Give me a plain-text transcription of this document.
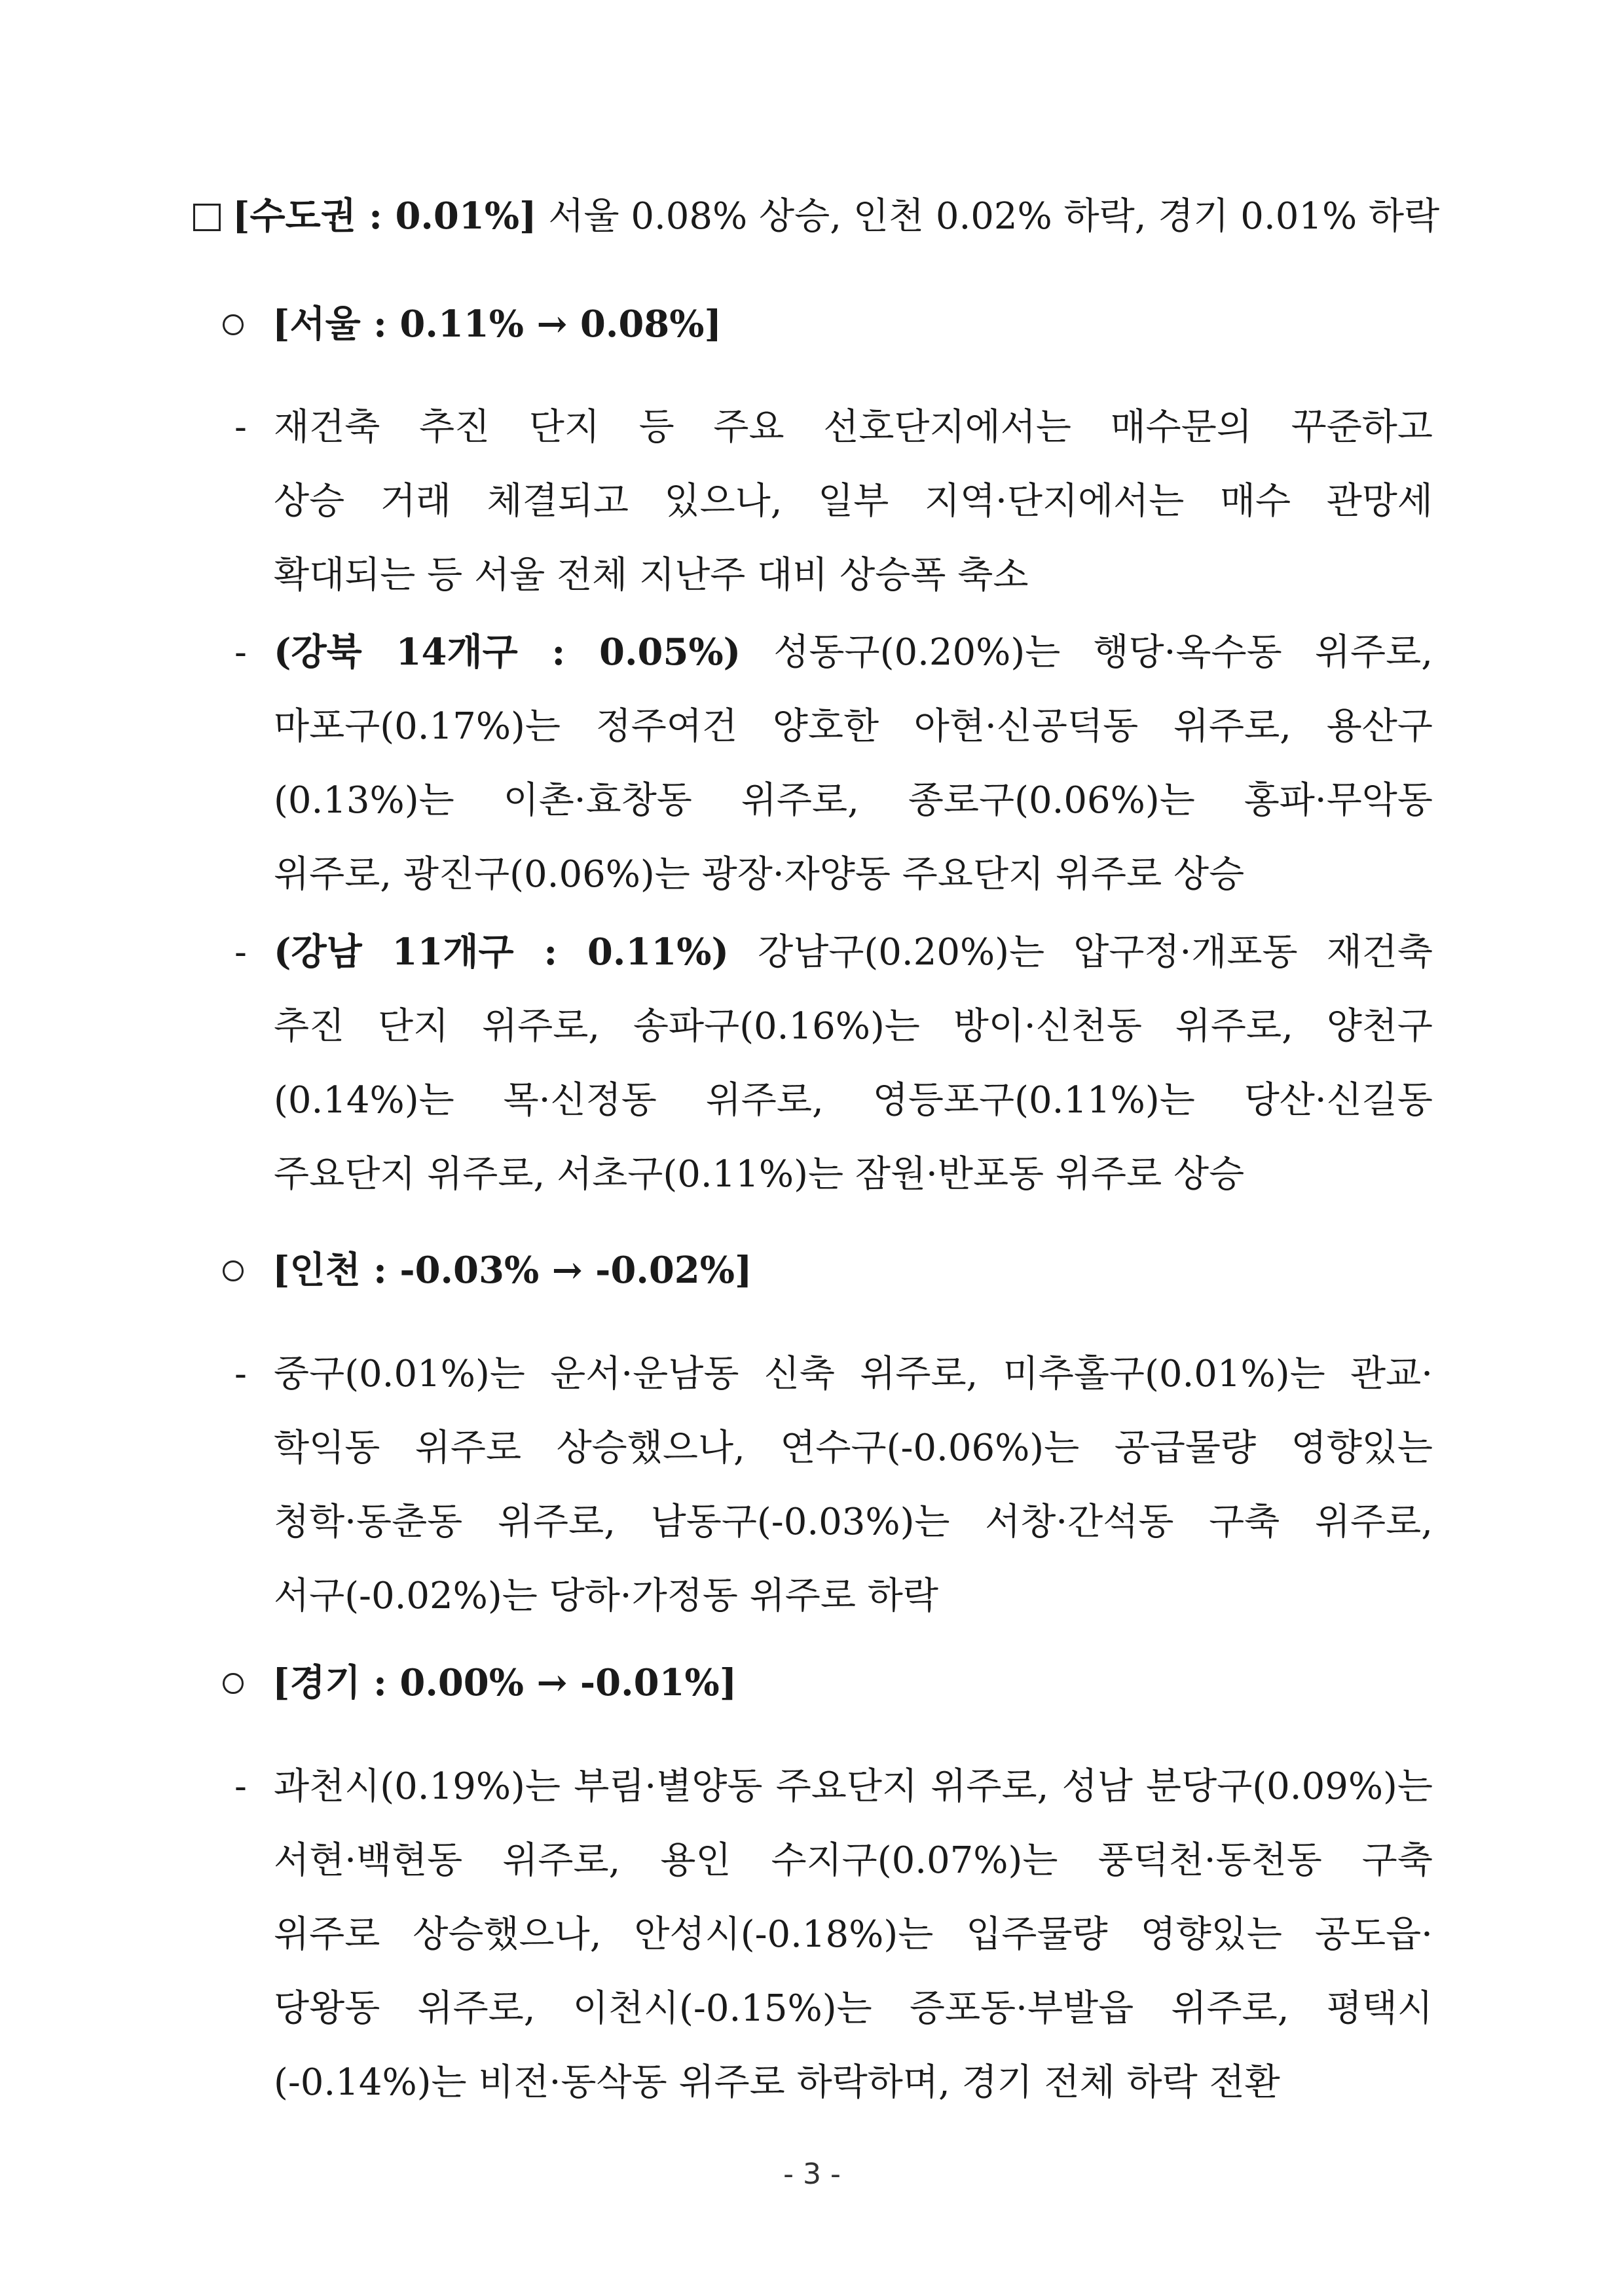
[수도권 : 0.01%] 서울 0.08% 상승, 인천 0.02% 하락, 경기 0.01% 하락
[서울 : 0.11% → 0.08%]
- 재건축 추진 단지 등 주요 선호단지에서는 매수문의 꾸준하고
상승 거래 체결되고 있으나, 일부 지역·단지에서는 매수 관망세
확대되는 등 서울 전체 지난주 대비 상승폭 축소
- (강북 14개구 : 0.05%) 성동구(0.20%)는 행당·옥수동 위주로,
마포구(0.17%)는 정주여건 양호한 아현·신공덕동 위주로, 용산구
(0.13%)는 이촌·효창동 위주로, 종로구(0.06%)는 홍파·무악동
위주로, 광진구(0.06%)는 광장·자양동 주요단지 위주로 상승
- (강남 11개구 : 0.11%) 강남구(0.20%)는 압구정·개포동 재건축
추진 단지 위주로, 송파구(0.16%)는 방이·신천동 위주로, 양천구
(0.14%)는 목·신정동 위주로, 영등포구(0.11%)는 당산·신길동
주요단지 위주로, 서초구(0.11%)는 잠원·반포동 위주로 상승
[인천 : -0.03% → -0.02%]
- 중구(0.01%)는 운서·운남동 신축 위주로, 미추홀구(0.01%)는 관교·
학익동 위주로 상승했으나, 연수구(-0.06%)는 공급물량 영향있는
청학·동춘동 위주로, 남동구(-0.03%)는 서창·간석동 구축 위주로,
서구(-0.02%)는 당하·가정동 위주로 하락
[경기 : 0.00% → -0.01%]
- 과천시(0.19%)는 부림·별양동 주요단지 위주로, 성남 분당구(0.09%)는
서현·백현동 위주로, 용인 수지구(0.07%)는 풍덕천·동천동 구축
위주로 상승했으나, 안성시(-0.18%)는 입주물량 영향있는 공도읍·
당왕동 위주로, 이천시(-0.15%)는 증포동·부발읍 위주로, 평택시
(-0.14%)는 비전·동삭동 위주로 하락하며, 경기 전체 하락 전환
- 3 -
